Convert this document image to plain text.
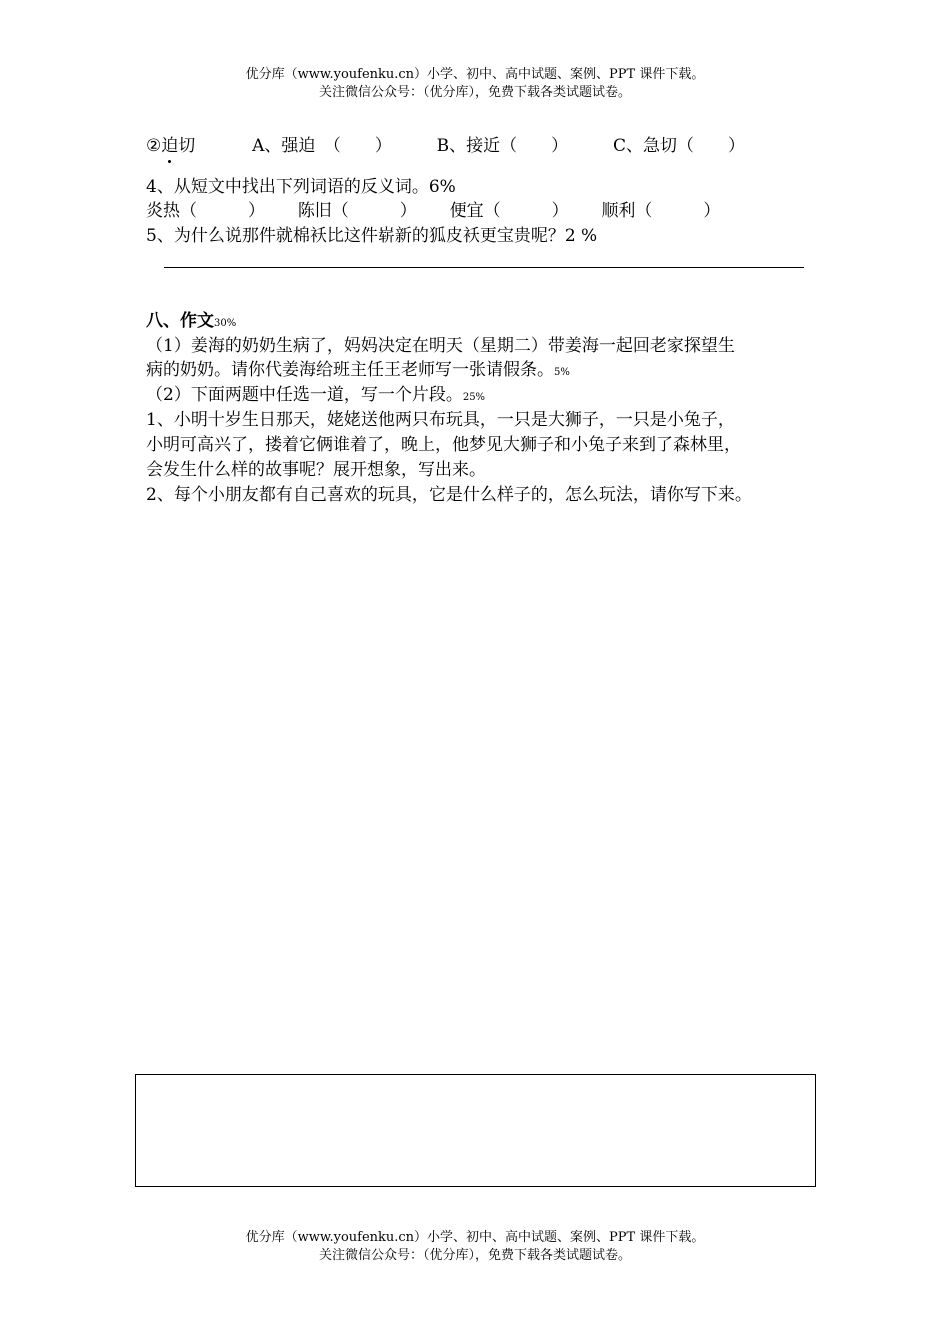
优分库（www.youfenku.cn）小学、初中、高中试题、案例、PPT 课件下载。
关注微信公众号：（优分库），免费下载各类试题试卷。
②迫切	A、强迫　（　　）	B、接近（　　）	C、急切（　　）
4、从短文中找出下列词语的反义词。6%
炎热（　　　） 陈旧（　　　） 便宜（　　　） 顺利（　　　）
5、为什么说那件就棉袄比这件崭新的狐皮袄更宝贵呢？2 %
八、作文30%
（1）姜海的奶奶生病了，妈妈决定在明天（星期二）带姜海一起回老家探望生
病的奶奶。请你代姜海给班主任王老师写一张请假条。5%
（2）下面两题中任选一道，写一个片段。25%
1、小明十岁生日那天，姥姥送他两只布玩具，一只是大狮子，一只是小兔子，
小明可高兴了，搂着它俩谁着了，晚上，他梦见大狮子和小兔子来到了森林里，
会发生什么样的故事呢？展开想象，写出来。
2、每个小朋友都有自己喜欢的玩具，它是什么样子的，怎么玩法，请你写下来。
优分库（www.youfenku.cn）小学、初中、高中试题、案例、PPT 课件下载。
关注微信公众号：（优分库），免费下载各类试题试卷。
